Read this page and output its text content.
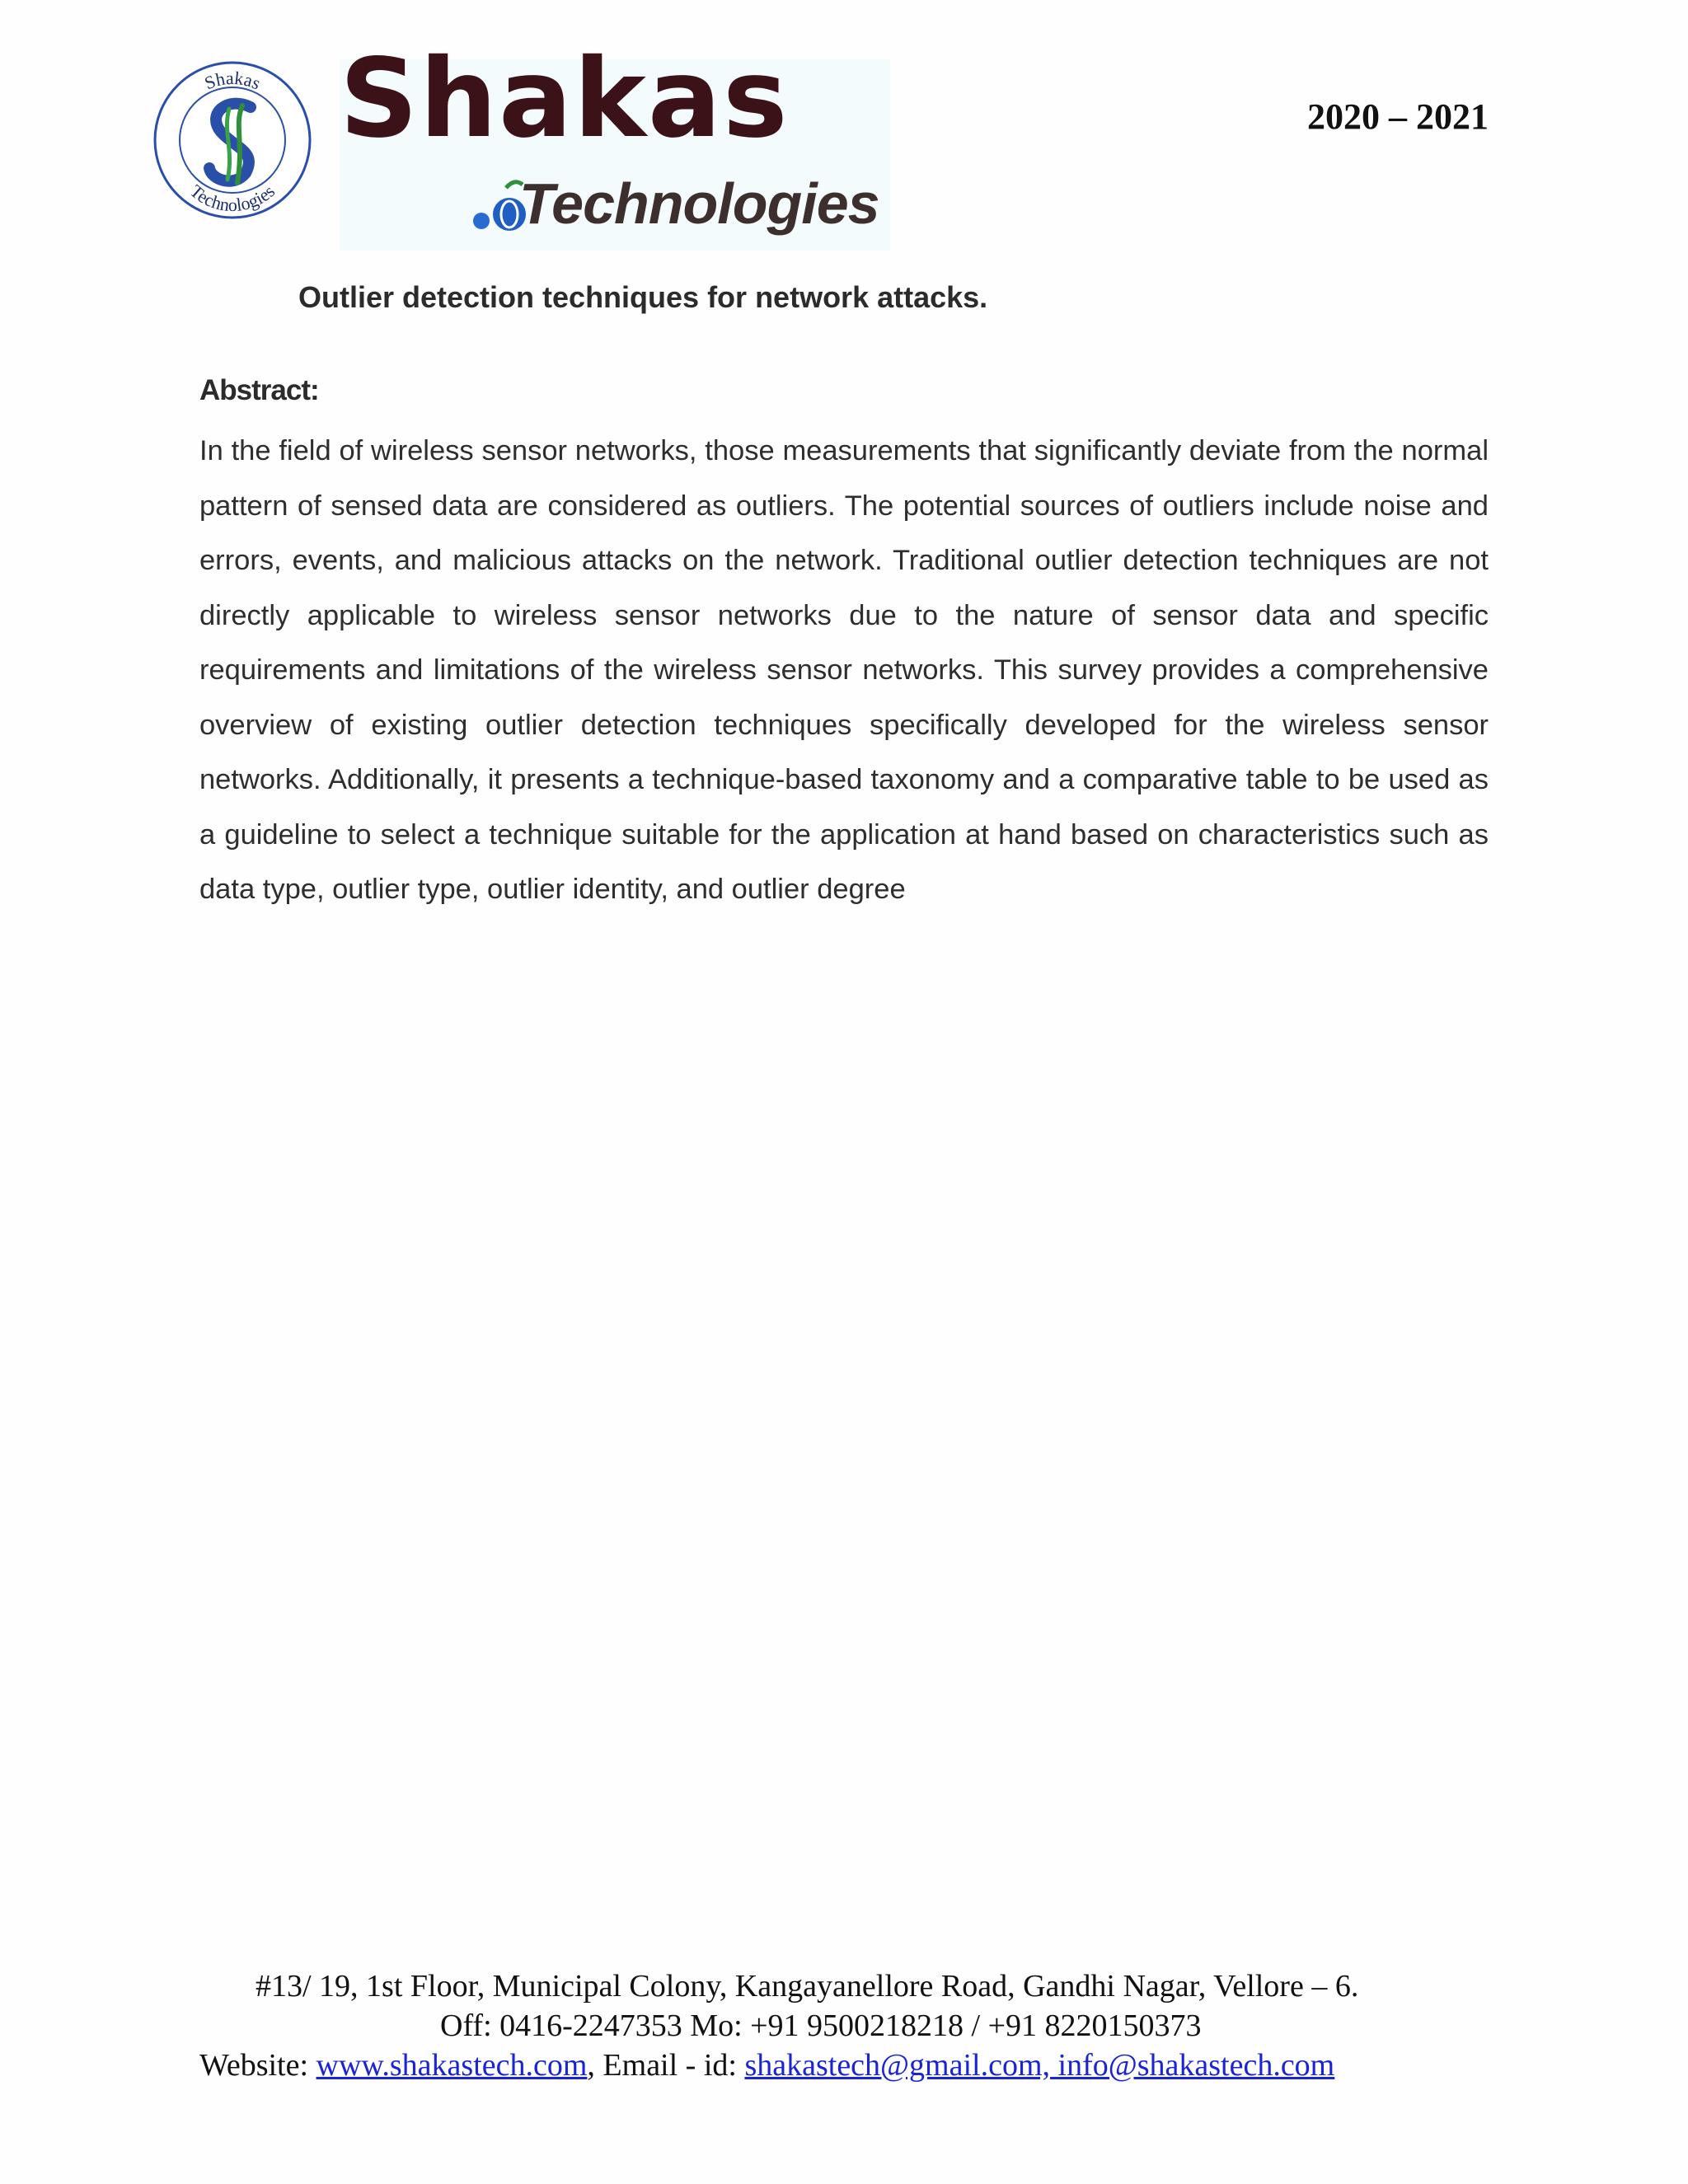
Shakas
Technologies
Shakas
Technologies
2020 – 2021
Outlier detection techniques for network attacks.
Abstract:

In the field of wireless sensor networks, those measurements that significantly deviate from the normal pattern of sensed data are considered as outliers. The potential sources of outliers include noise and errors, events, and malicious attacks on the network. Traditional outlier detection techniques are not directly applicable to wireless sensor networks due to the nature of sensor data and specific requirements and limitations of the wireless sensor networks. This survey provides a comprehensive overview of existing outlier detection techniques specifically developed for the wireless sensor networks. Additionally, it presents a technique-based taxonomy and a comparative table to be used as a guideline to select a technique suitable for the application at hand based on characteristics such as data type, outlier type, outlier identity, and outlier degree

#13/ 19, 1st Floor, Municipal Colony, Kangayanellore Road, Gandhi Nagar, Vellore – 6.
Off: 0416-2247353 Mo: +91 9500218218 / +91 8220150373
Website: www.shakastech.com, Email - id: shakastech@gmail.com, info@shakastech.com
